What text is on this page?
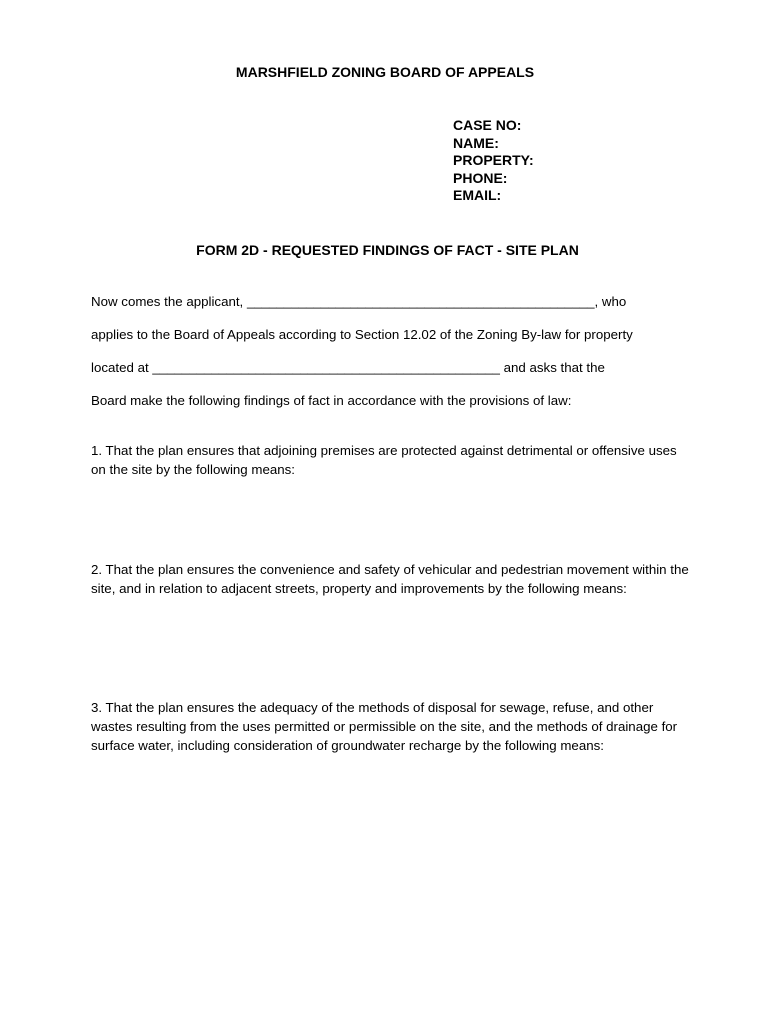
MARSHFIELD ZONING BOARD OF APPEALS
CASE NO:
NAME:
PROPERTY:
PHONE:
EMAIL:
FORM 2D - REQUESTED FINDINGS OF FACT - SITE PLAN
Now comes the applicant, _______________________________________________, who
applies to the Board of Appeals according to Section 12.02 of the Zoning By-law for property
located at _______________________________________________ and asks that the
Board make the following findings of fact in accordance with the provisions of law:
1. That the plan ensures that adjoining premises are protected against detrimental or offensive uses on the site by the following means:
2. That the plan ensures the convenience and safety of vehicular and pedestrian movement within the site, and in relation to adjacent streets, property and improvements by the following means:
3. That the plan ensures the adequacy of the methods of disposal for sewage, refuse, and other wastes resulting from the uses permitted or permissible on the site, and the methods of drainage for surface water, including consideration of groundwater recharge by the following means:
